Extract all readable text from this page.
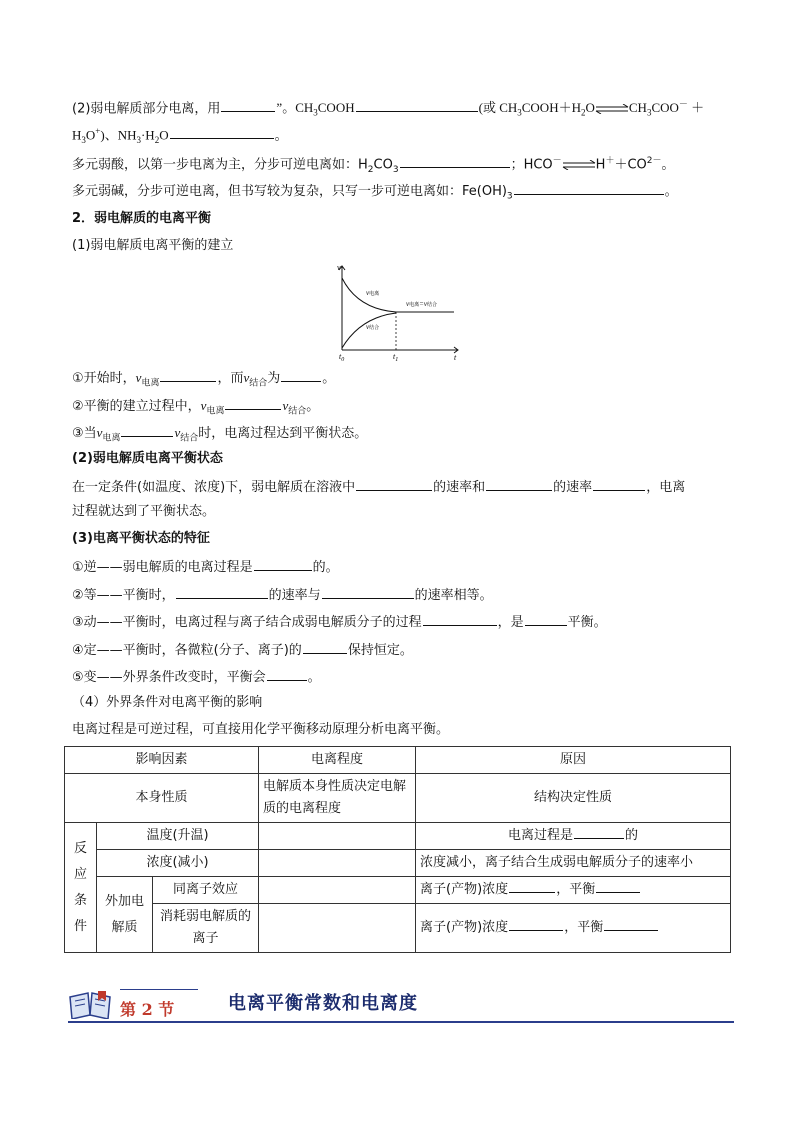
(2)弱电解质部分电离，用	”。$CH_3COOH$	(或 $CH_3COOH+H_2O\rightleftharpoons CH_3COO^-$ ＋
$H_3O^+$)、$NH_3\cdot H_2O$	。
多元弱酸，以第一步电离为主，分步可逆电离如：$H_2CO_3$	；$HCO^-\rightleftharpoons H^++CO^{2-}$。
多元弱碱，分步可逆电离，但书写较为复杂，只写一步可逆电离如：$Fe(OH)_3$	。
2．弱电解质的电离平衡
(1)弱电解质电离平衡的建立
v
t
$t_0$	$t_1$
v电离
v结合
v电离=v结合
①开始时，$v_{电离}$	，而$v_{结合}$为	。
②平衡的建立过程中，$v_{电离}$	$v_{结合}$。
③当$v_{电离}$	$v_{结合}$时，电离过程达到平衡状态。
(2)弱电解质电离平衡状态
在一定条件(如温度、浓度)下，弱电解质在溶液中	的速率和	的速率	，电离
过程就达到了平衡状态。
(3)电离平衡状态的特征
①逆——弱电解质的电离过程是	的。
②等——平衡时，	的速率与	的速率相等。
③动——平衡时，电离过程与离子结合成弱电解质分子的过程	，是	平衡。
④定——平衡时，各微粒(分子、离子)的	保持恒定。
⑤变——外界条件改变时，平衡会	。
（4）外界条件对电离平衡的影响
电离过程是可逆过程，可直接用化学平衡移动原理分析电离平衡。
影响因素			电离程度	原因
本身性质			电解质本身性质决定电解质的电离程度	结构决定性质
反应条件	温度(升温)			电离过程是 的
	浓度(减小)			浓度减小，离子结合生成弱电解质分子的速率小
	外加电解质	同离子效应		离子(产物)浓度 ，平衡
		消耗弱电解质的离子		离子(产物)浓度 ，平衡
第 2 节	电离平衡常数和电离度
